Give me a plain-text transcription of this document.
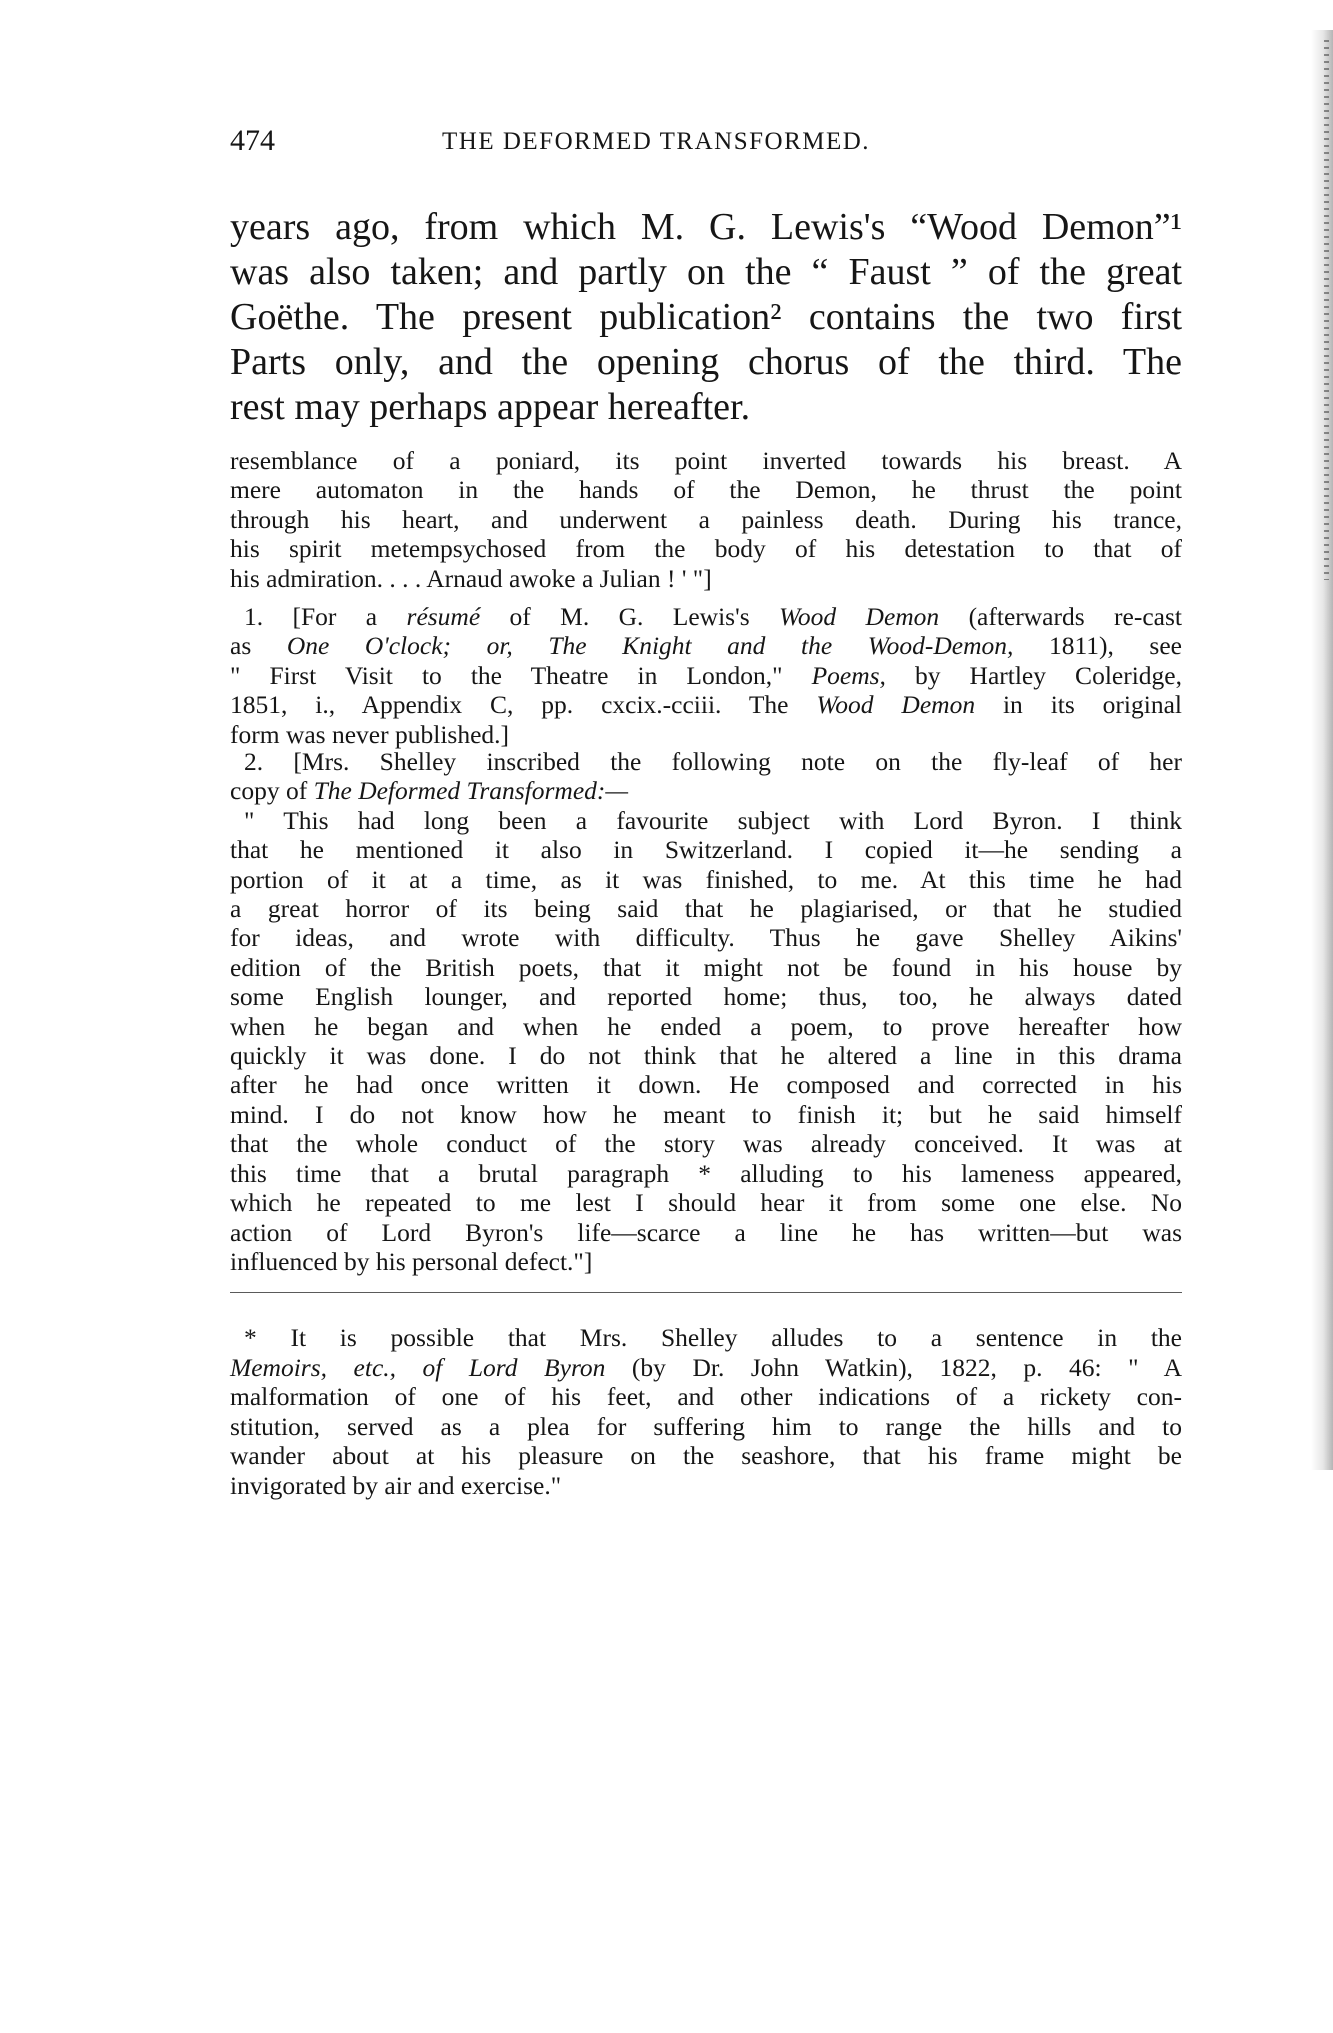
474	THE DEFORMED TRANSFORMED.
years ago, from which M. G. Lewis's “Wood Demon”¹
was also taken; and partly on the “ Faust ” of the great
Goëthe. The present publication² contains the two first
Parts only, and the opening chorus of the third. The
rest may perhaps appear hereafter.
resemblance of a poniard, its point inverted towards his breast. A
mere automaton in the hands of the Demon, he thrust the point
through his heart, and underwent a painless death. During his trance,
his spirit metempsychosed from the body of his detestation to that of
his admiration. . . . Arnaud awoke a Julian ! ' "]
1. [For a résumé of M. G. Lewis's Wood Demon (afterwards re-cast
as One O'clock; or, The Knight and the Wood-Demon, 1811), see
" First Visit to the Theatre in London," Poems, by Hartley Coleridge,
1851, i., Appendix C, pp. cxcix.-cciii. The Wood Demon in its original
form was never published.]
2. [Mrs. Shelley inscribed the following note on the fly-leaf of her
copy of The Deformed Transformed:—
" This had long been a favourite subject with Lord Byron. I think
that he mentioned it also in Switzerland. I copied it—he sending a
portion of it at a time, as it was finished, to me. At this time he had
a great horror of its being said that he plagiarised, or that he studied
for ideas, and wrote with difficulty. Thus he gave Shelley Aikins'
edition of the British poets, that it might not be found in his house by
some English lounger, and reported home; thus, too, he always dated
when he began and when he ended a poem, to prove hereafter how
quickly it was done. I do not think that he altered a line in this drama
after he had once written it down. He composed and corrected in his
mind. I do not know how he meant to finish it; but he said himself
that the whole conduct of the story was already conceived. It was at
this time that a brutal paragraph * alluding to his lameness appeared,
which he repeated to me lest I should hear it from some one else. No
action of Lord Byron's life—scarce a line he has written—but was
influenced by his personal defect."]
* It is possible that Mrs. Shelley alludes to a sentence in the
Memoirs, etc., of Lord Byron (by Dr. John Watkin), 1822, p. 46: " A
malformation of one of his feet, and other indications of a rickety con-
stitution, served as a plea for suffering him to range the hills and to
wander about at his pleasure on the seashore, that his frame might be
invigorated by air and exercise."
